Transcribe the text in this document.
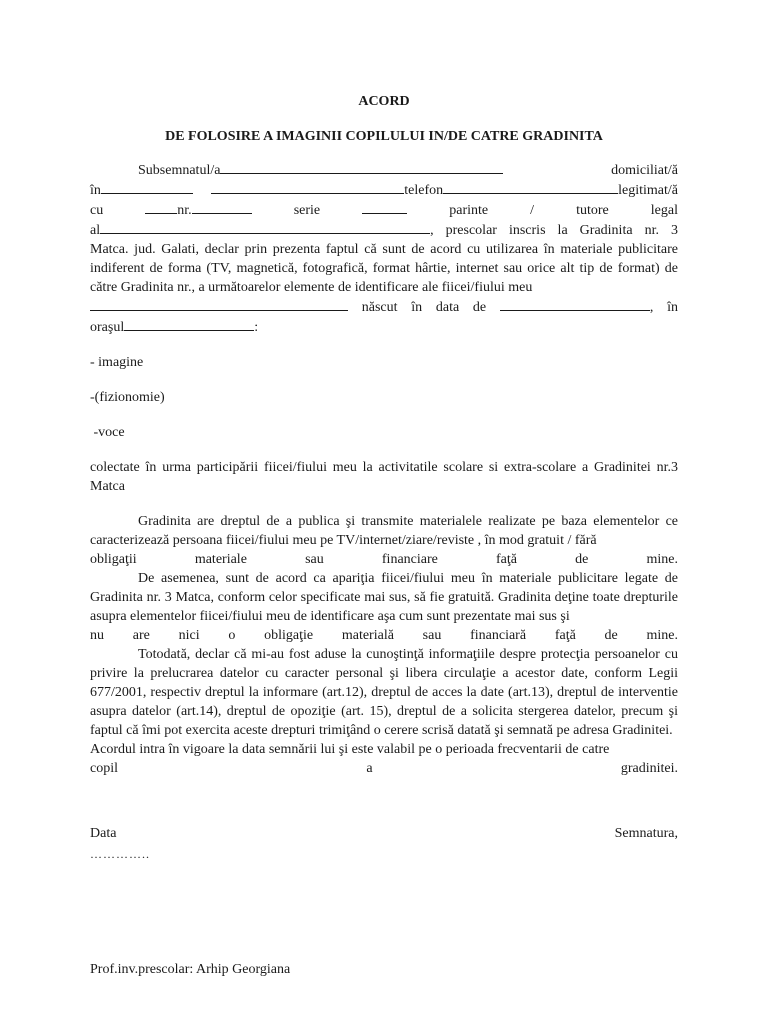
ACORD

DE FOLOSIRE A IMAGINII COPILULUI IN/DE CATRE GRADINITA

Subsemnatul/a	domiciliat/ă

în	telefon	legitimat/ă

cu	nr.	serie	parinte	/	tutore	legal

al	, prescolar inscris la Gradinita nr. 3

Matca. jud. Galati, declar prin prezenta faptul că sunt de acord cu utilizarea în materiale publicitare indiferent de forma (TV, magnetică, fotografică, format hârtie, internet sau orice alt tip de format) de către Gradinita nr., a următoarelor elemente de identificare ale fiicei/fiului meu

născut în data de	, în

oraşul	:

- imagine

-(fizionomie)

-voce

colectate în urma participării fiicei/fiului meu la activitatile scolare si extra-scolare a Gradinitei nr.3 Matca

Gradinita are dreptul de a publica şi transmite materialele realizate pe baza elementelor ce caracterizează persoana fiicei/fiului meu pe TV/internet/ziare/reviste , în mod gratuit / fără

obligaţii	materiale	sau	financiare	faţă	de	mine.

De asemenea, sunt de acord ca apariţia fiicei/fiului meu în materiale publicitare legate de Gradinita nr. 3 Matca, conform celor specificate mai sus, să fie gratuită. Gradinita deţine toate drepturile asupra elementelor fiicei/fiului meu de identificare aşa cum sunt prezentate mai sus şi

nu are nici o obligaţie materială sau financiară faţă de mine.

Totodată, declar că mi-au fost aduse la cunoştinţă informaţiile despre protecţia persoanelor cu privire la prelucrarea datelor cu caracter personal şi libera circulaţie a acestor date, conform Legii 677/2001, respectiv dreptul la informare (art.12), dreptul de acces la date (art.13), dreptul de interventie asupra datelor (art.14), dreptul de opoziţie (art. 15), dreptul de a solicita stergerea datelor, precum şi faptul că îmi pot exercita aceste drepturi trimiţând o cerere scrisă datată şi semnată pe adresa Gradinitei.

Acordul intra în vigoare la data semnării lui şi este valabil pe o perioada frecventarii de catre

copil	a	gradinitei.

Data
…………..
Semnatura,
Prof.inv.prescolar: Arhip Georgiana
